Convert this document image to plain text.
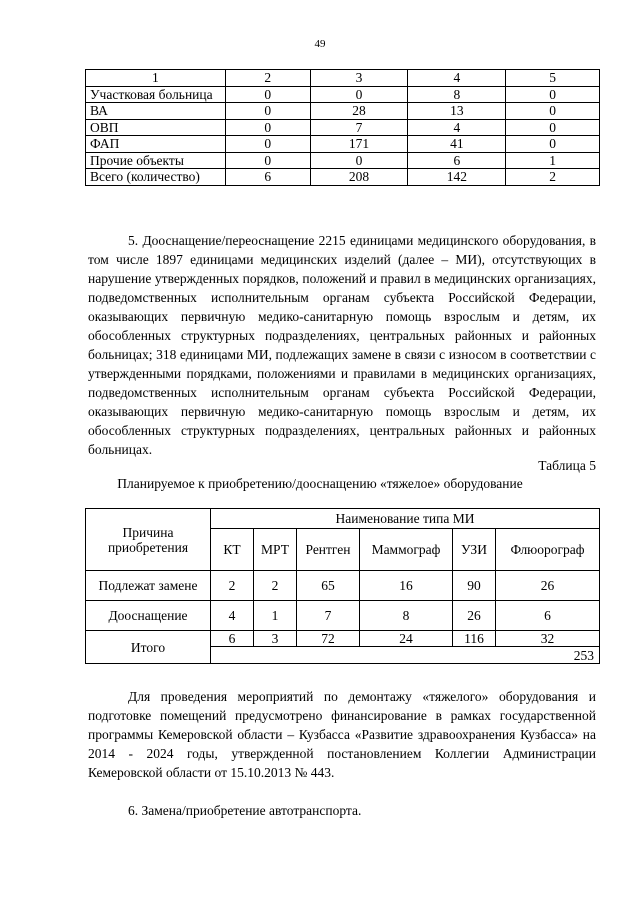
49
1	2	3	4	5
Участковая больница	0	0	8	0
ВА	0	28	13	0
ОВП	0	7	4	0
ФАП	0	171	41	0
Прочие объекты	0	0	6	1
Всего (количество)	6	208	142	2

5. Дооснащение/переоснащение 2215 единицами медицинского оборудования, в том числе 1897 единицами медицинских изделий (далее – МИ), отсутствующих в нарушение утвержденных порядков, положений и правил в медицинских организациях, подведомственных исполнительным органам субъекта Российской Федерации, оказывающих первичную медико-санитарную помощь взрослым и детям, их обособленных структурных подразделениях, центральных районных и районных больницах; 318 единицами МИ, подлежащих замене в связи с износом в соответствии с утвержденными порядками, положениями и правилами в медицинских организациях, подведомственных исполнительным органам субъекта Российской Федерации, оказывающих первичную медико-санитарную помощь взрослым и детям, их обособленных структурных подразделениях, центральных районных и районных больницах.

Таблица 5
Планируемое к приобретению/дооснащению «тяжелое» оборудование
Причина приобретения	Наименование типа МИ					
	КТ	МРТ	Рентген	Маммограф	УЗИ	Флюорограф
Подлежат замене	2	2	65	16	90	26
Дооснащение	4	1	7	8	26	6
Итого	6	3	72	24	116	32
	253					

Для проведения мероприятий по демонтажу «тяжелого» оборудования и подготовке помещений предусмотрено финансирование в рамках государственной программы Кемеровской области – Кузбасса «Развитие здравоохранения Кузбасса» на 2014 - 2024 годы, утвержденной постановлением Коллегии Администрации Кемеровской области от 15.10.2013 № 443.

6. Замена/приобретение автотранспорта.
